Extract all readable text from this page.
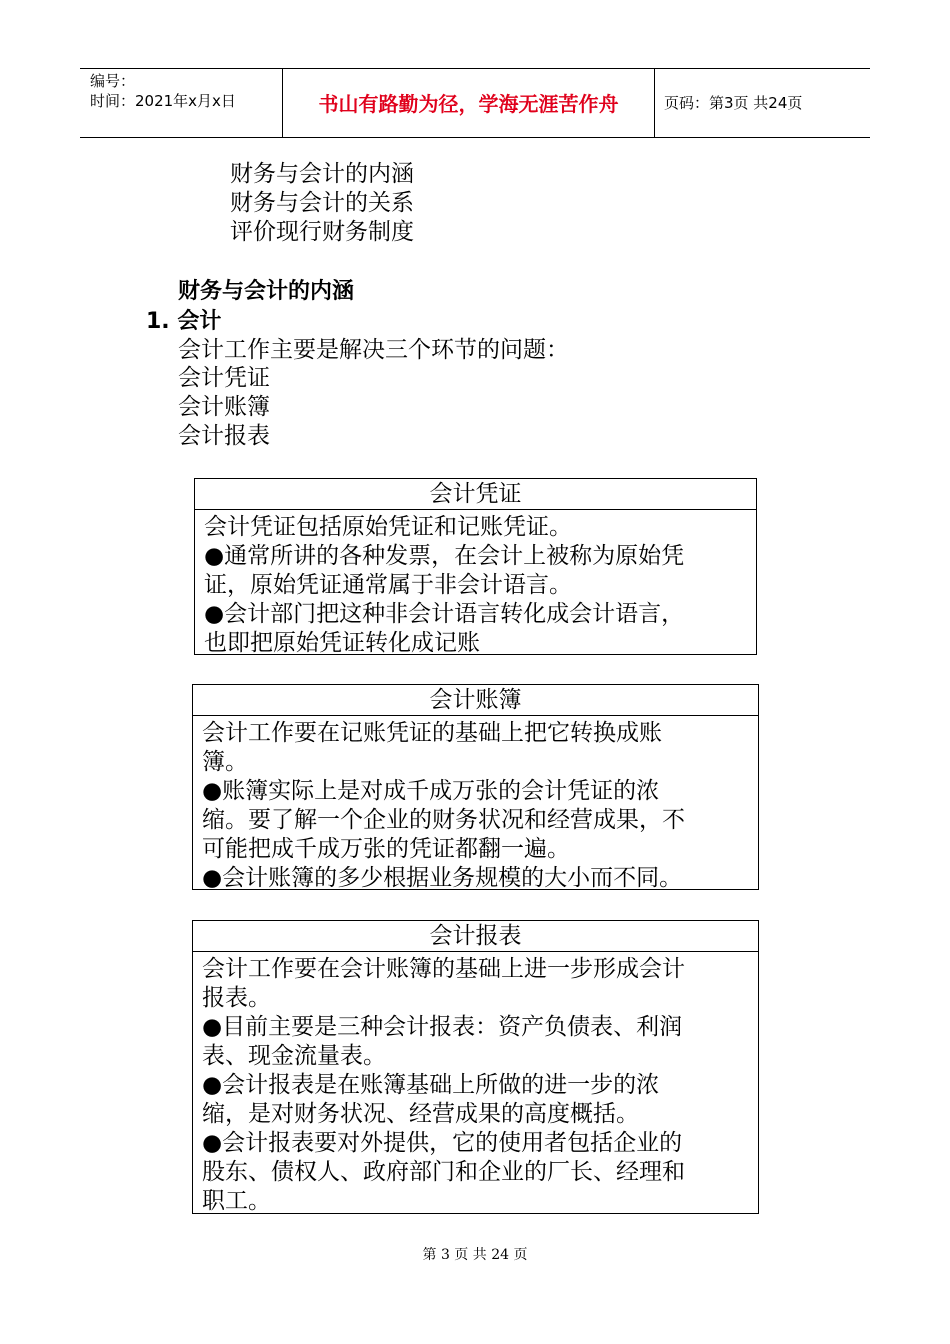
编号：
时间：2021年x月x日	书山有路勤为径，学海无涯苦作舟	页码：第3页 共24页
财务与会计的内涵
财务与会计的关系
评价现行财务制度
财务与会计的内涵
1. 会计
会计工作主要是解决三个环节的问题：
会计凭证
会计账簿
会计报表
会计凭证
会计凭证包括原始凭证和记账凭证。
●通常所讲的各种发票，在会计上被称为原始凭
证，原始凭证通常属于非会计语言。
●会计部门把这种非会计语言转化成会计语言，
也即把原始凭证转化成记账
会计账簿
会计工作要在记账凭证的基础上把它转换成账
簿。
●账簿实际上是对成千成万张的会计凭证的浓
缩。要了解一个企业的财务状况和经营成果，不
可能把成千成万张的凭证都翻一遍。
●会计账簿的多少根据业务规模的大小而不同。
会计报表
会计工作要在会计账簿的基础上进一步形成会计
报表。
●目前主要是三种会计报表：资产负债表、利润
表、现金流量表。
●会计报表是在账簿基础上所做的进一步的浓
缩，是对财务状况、经营成果的高度概括。
●会计报表要对外提供，它的使用者包括企业的
股东、债权人、政府部门和企业的厂长、经理和
职工。
第 3 页 共 24 页
